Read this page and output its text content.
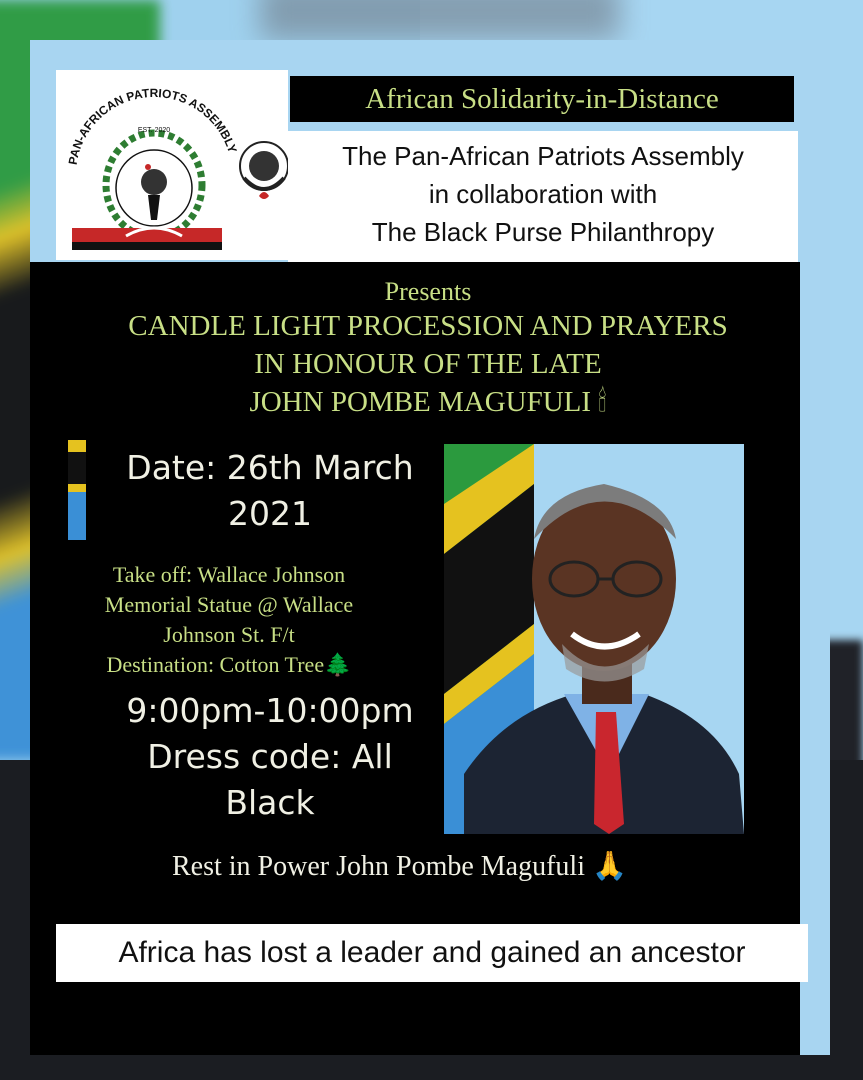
PAN-AFRICAN PATRIOTS ASSEMBLY
EST. 2020
African Solidarity-in-Distance
The Pan-African Patriots Assembly
in collaboration with
The Black Purse Philanthropy
Presents
CANDLE LIGHT PROCESSION AND PRAYERS
IN HONOUR OF THE LATE
JOHN POMBE MAGUFULI 🕯
Date: 26th March
2021
Take off: Wallace Johnson
Memorial Statue @ Wallace
Johnson St. F/t
Destination: Cotton Tree🌲
9:00pm-10:00pm
Dress code: All
Black
Rest in Power John Pombe Magufuli 🙏
🕯🕯🕯🕯
Africa has lost a leader and gained an ancestor
